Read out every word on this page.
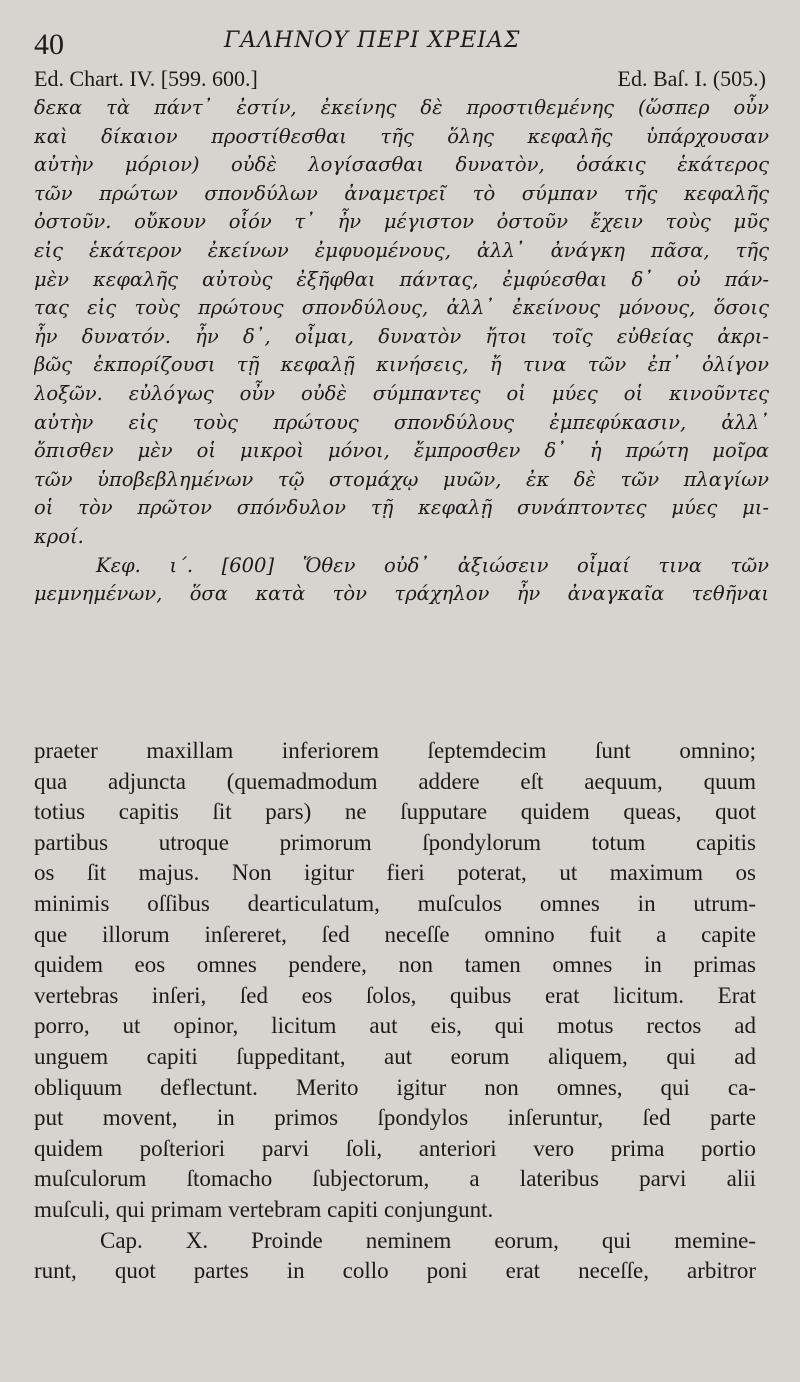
40	ΓΑΛΗΝΟΥ ΠΕΡΙ ΧΡΕΙΑΣ
Ed. Chart. IV. [599. 600.]	Ed. Baſ. I. (505.)
δεκα τὰ πάντ᾽ ἐστίν, ἐκείνης δὲ προστιθεμένης (ὥσπερ οὖν
καὶ δίκαιον προστίθεσθαι τῆς ὅλης κεφαλῆς ὑπάρχουσαν
αὐτὴν μόριον) οὐδὲ λογίσασθαι δυνατὸν, ὁσάκις ἑκάτερος
τῶν πρώτων σπονδύλων ἀναμετρεῖ τὸ σύμπαν τῆς κεφαλῆς
ὀστοῦν. οὔκουν οἷόν τ᾽ ἦν μέγιστον ὀστοῦν ἔχειν τοὺς μῦς
εἰς ἑκάτερον ἐκείνων ἐμφυομένους, ἀλλ᾽ ἀνάγκη πᾶσα, τῆς
μὲν κεφαλῆς αὐτοὺς ἐξῆφθαι πάντας, ἐμφύεσθαι δ᾽ οὐ πάν-
τας εἰς τοὺς πρώτους σπονδύλους, ἀλλ᾽ ἐκείνους μόνους, ὅσοις
ἦν δυνατόν. ἦν δ᾽, οἶμαι, δυνατὸν ἤτοι τοῖς εὐθείας ἀκρι-
βῶς ἐκπορίζουσι τῇ κεφαλῇ κινήσεις, ἤ τινα τῶν ἐπ᾽ ὀλίγον
λοξῶν. εὐλόγως οὖν οὐδὲ σύμπαντες οἱ μύες οἱ κινοῦντες
αὐτὴν εἰς τοὺς πρώτους σπονδύλους ἐμπεφύκασιν, ἀλλ᾽
ὄπισθεν μὲν οἱ μικροὶ μόνοι, ἔμπροσθεν δ᾽ ἡ πρώτη μοῖρα
τῶν ὑποβεβλημένων τῷ στομάχῳ μυῶν, ἐκ δὲ τῶν πλαγίων
οἱ τὸν πρῶτον σπόνδυλον τῇ κεφαλῇ συνάπτοντες μύες μι-
κροί.
Κεφ. ι΄. [600] Ὅθεν οὐδ᾽ ἀξιώσειν οἶμαί τινα τῶν
μεμνημένων, ὅσα κατὰ τὸν τράχηλον ἦν ἀναγκαῖα τεθῆναι
praeter maxillam inferiorem ſeptemdecim ſunt omnino;
qua adjuncta (quemadmodum addere eſt aequum, quum
totius capitis ſit pars) ne ſupputare quidem queas, quot
partibus utroque primorum ſpondylorum totum capitis
os ſit majus. Non igitur fieri poterat, ut maximum os
minimis oſſibus dearticulatum, muſculos omnes in utrum-
que illorum inſereret, ſed neceſſe omnino fuit a capite
quidem eos omnes pendere, non tamen omnes in primas
vertebras inſeri, ſed eos ſolos, quibus erat licitum. Erat
porro, ut opinor, licitum aut eis, qui motus rectos ad
unguem capiti ſuppeditant, aut eorum aliquem, qui ad
obliquum deflectunt. Merito igitur non omnes, qui ca-
put movent, in primos ſpondylos inſeruntur, ſed parte
quidem poſteriori parvi ſoli, anteriori vero prima portio
muſculorum ſtomacho ſubjectorum, a lateribus parvi alii
muſculi, qui primam vertebram capiti conjungunt.
Cap. X. Proinde neminem eorum, qui memine-
runt, quot partes in collo poni erat neceſſe, arbitror
